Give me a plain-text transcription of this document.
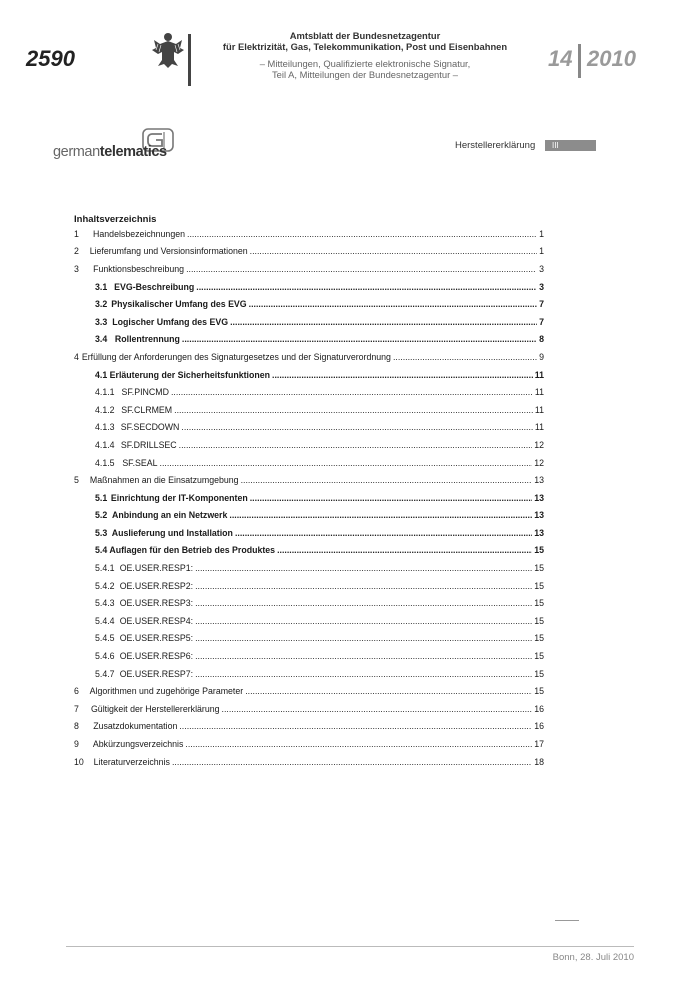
2590
Amtsblatt der Bundesnetzagentur
für Elektrizität, Gas, Telekommunikation, Post und Eisenbahnen
– Mitteilungen, Qualifizierte elektronische Signatur,
Teil A, Mitteilungen der Bundesnetzagentur –
14 2010
germantelematics	Herstellererklärung	III
Inhaltsverzeichnis
1	Handelsbezeichnungen .....	1
2	Lieferumfang und Versionsinformationen .....	1
3	Funktionsbeschreibung .....	3
3.1 EVG-Beschreibung .....	3
3.2 Physikalischer Umfang des EVG .....	7
3.3 Logischer Umfang des EVG .....	7
3.4 Rollentrennung .....	8
4 Erfüllung der Anforderungen des Signaturgesetzes und der Signaturverordnung .....	9
4.1 Erläuterung der Sicherheitsfunktionen .....	11
4.1.1 SF.PINCMD .....	11
4.1.2 SF.CLRMEM .....	11
4.1.3 SF.SECDOWN .....	11
4.1.4 SF.DRILLSEC .....	12
4.1.5 SF.SEAL .....	12
5	Maßnahmen an die Einsatzumgebung .....	13
5.1 Einrichtung der IT-Komponenten .....	13
5.2 Anbindung an ein Netzwerk .....	13
5.3 Auslieferung und Installation .....	13
5.4 Auflagen für den Betrieb des Produktes .....	15
5.4.1 OE.USER.RESP1: .....	15
5.4.2 OE.USER.RESP2: .....	15
5.4.3 OE.USER.RESP3: .....	15
5.4.4 OE.USER.RESP4: .....	15
5.4.5 OE.USER.RESP5: .....	15
5.4.6 OE.USER.RESP6: .....	15
5.4.7 OE.USER.RESP7: .....	15
6	Algorithmen und zugehörige Parameter .....	15
7	Gültigkeit der Herstellererklärung .....	16
8	Zusatzdokumentation .....	16
9	Abkürzungsverzeichnis .....	17
10	Literaturverzeichnis .....	18
Bonn, 28. Juli 2010
